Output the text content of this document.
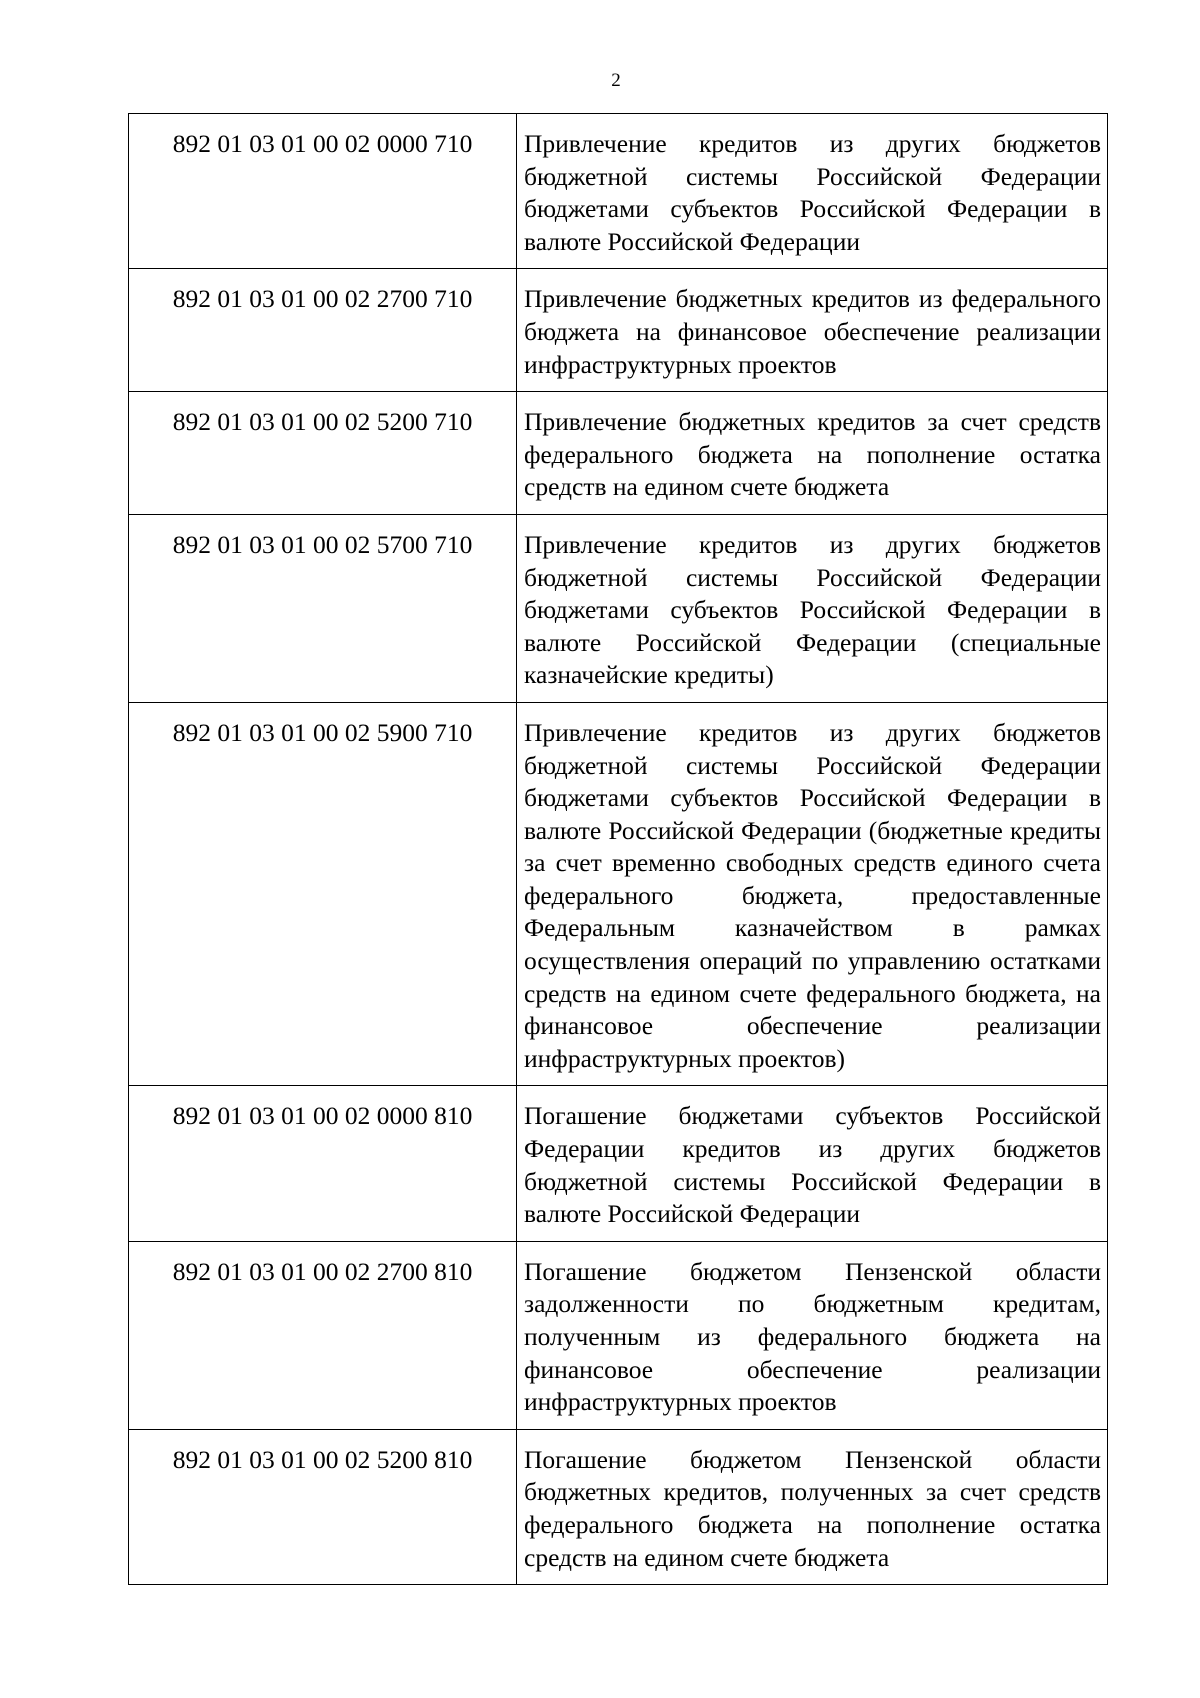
2
892 01 03 01 00 02 0000 710	Привлечение кредитов из других бюджетов бюджетной системы Российской Федерации бюджетами субъектов Российской Федерации в валюте Российской Федерации
892 01 03 01 00 02 2700 710	Привлечение бюджетных кредитов из федерального бюджета на финансовое обеспечение реализации инфраструктурных проектов
892 01 03 01 00 02 5200 710	Привлечение бюджетных кредитов за счет средств федерального бюджета на пополнение остатка средств на едином счете бюджета
892 01 03 01 00 02 5700 710	Привлечение кредитов из других бюджетов бюджетной системы Российской Федерации бюджетами субъектов Российской Федерации в валюте Российской Федерации (специальные казначейские кредиты)
892 01 03 01 00 02 5900 710	Привлечение кредитов из других бюджетов бюджетной системы Российской Федерации бюджетами субъектов Российской Федерации в валюте Российской Федерации (бюджетные кредиты за счет временно свободных средств единого счета федерального бюджета, предоставленные Федеральным казначейством в рамках осуществления операций по управлению остатками средств на едином счете федерального бюджета, на финансовое обеспечение реализации инфраструктурных проектов)
892 01 03 01 00 02 0000 810	Погашение бюджетами субъектов Российской Федерации кредитов из других бюджетов бюджетной системы Российской Федерации в валюте Российской Федерации
892 01 03 01 00 02 2700 810	Погашение бюджетом Пензенской области задолженности по бюджетным кредитам, полученным из федерального бюджета на финансовое обеспечение реализации инфраструктурных проектов
892 01 03 01 00 02 5200 810	Погашение бюджетом Пензенской области бюджетных кредитов, полученных за счет средств федерального бюджета на пополнение остатка средств на едином счете бюджета
